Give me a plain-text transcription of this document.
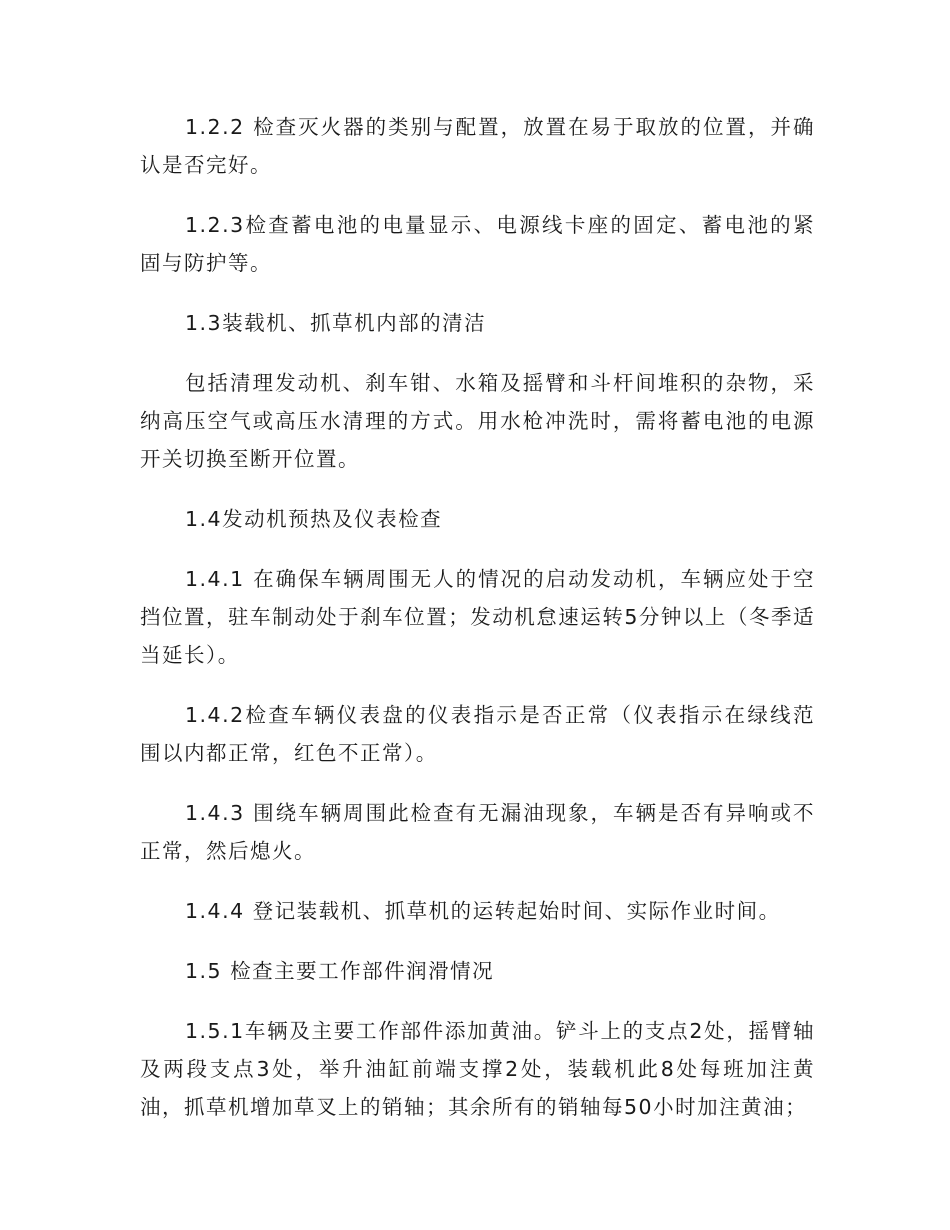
1.2.2 检查灭火器的类别与配置，放置在易于取放的位置，并确认是否完好。

1.2.3检查蓄电池的电量显示、电源线卡座的固定、蓄电池的紧固与防护等。

1.3装载机、抓草机内部的清洁

包括清理发动机、刹车钳、水箱及摇臂和斗杆间堆积的杂物，采纳高压空气或高压水清理的方式。用水枪冲洗时，需将蓄电池的电源开关切换至断开位置。

1.4发动机预热及仪表检查

1.4.1 在确保车辆周围无人的情况的启动发动机，车辆应处于空挡位置，驻车制动处于刹车位置；发动机怠速运转5分钟以上（冬季适当延长）。

1.4.2检查车辆仪表盘的仪表指示是否正常（仪表指示在绿线范围以内都正常，红色不正常）。

1.4.3 围绕车辆周围此检查有无漏油现象，车辆是否有异响或不正常，然后熄火。

1.4.4 登记装载机、抓草机的运转起始时间、实际作业时间。

1.5 检查主要工作部件润滑情况

1.5.1车辆及主要工作部件添加黄油。铲斗上的支点2处，摇臂轴及两段支点3处，举升油缸前端支撑2处，装载机此8处每班加注黄油，抓草机增加草叉上的销轴；其余所有的销轴每50小时加注黄油；
